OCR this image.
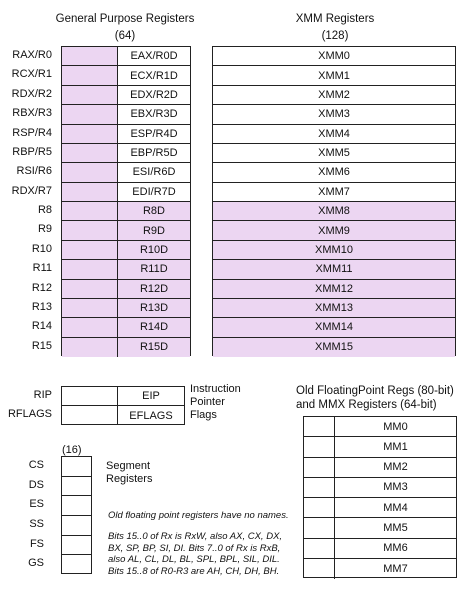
General Purpose Registers
(64)
XMM Registers
(128)
RAX/R0
RCX/R1
RDX/R2
RBX/R3
RSP/R4
RBP/R5
RSI/R6
RDX/R7
R8
R9
R10
R11
R12
R13
R14
R15
EAX/R0D
ECX/R1D
EDX/R2D
EBX/R3D
ESP/R4D
EBP/R5D
ESI/R6D
EDI/R7D
R8D
R9D
R10D
R11D
R12D
R13D
R14D
R15D
XMM0
XMM1
XMM2
XMM3
XMM4
XMM5
XMM6
XMM7
XMM8
XMM9
XMM10
XMM11
XMM12
XMM13
XMM14
XMM15
RIP
RFLAGS
EIP
EFLAGS
Instruction
Pointer
Flags
(16)
CS
DS
ES
SS
FS
GS
Segment
Registers
Old floating point registers have no names.
Bits 15..0 of Rx is RxW, also AX, CX, DX, BX, SP, BP, SI, DI. Bits 7..0 of Rx is RxB, also AL, CL, DL, BL, SPL, BPL, SIL, DIL. Bits 15..8 of R0-R3 are AH, CH, DH, BH.
Old FloatingPoint Regs (80-bit)
and MMX Registers (64-bit)
MM0
MM1
MM2
MM3
MM4
MM5
MM6
MM7
